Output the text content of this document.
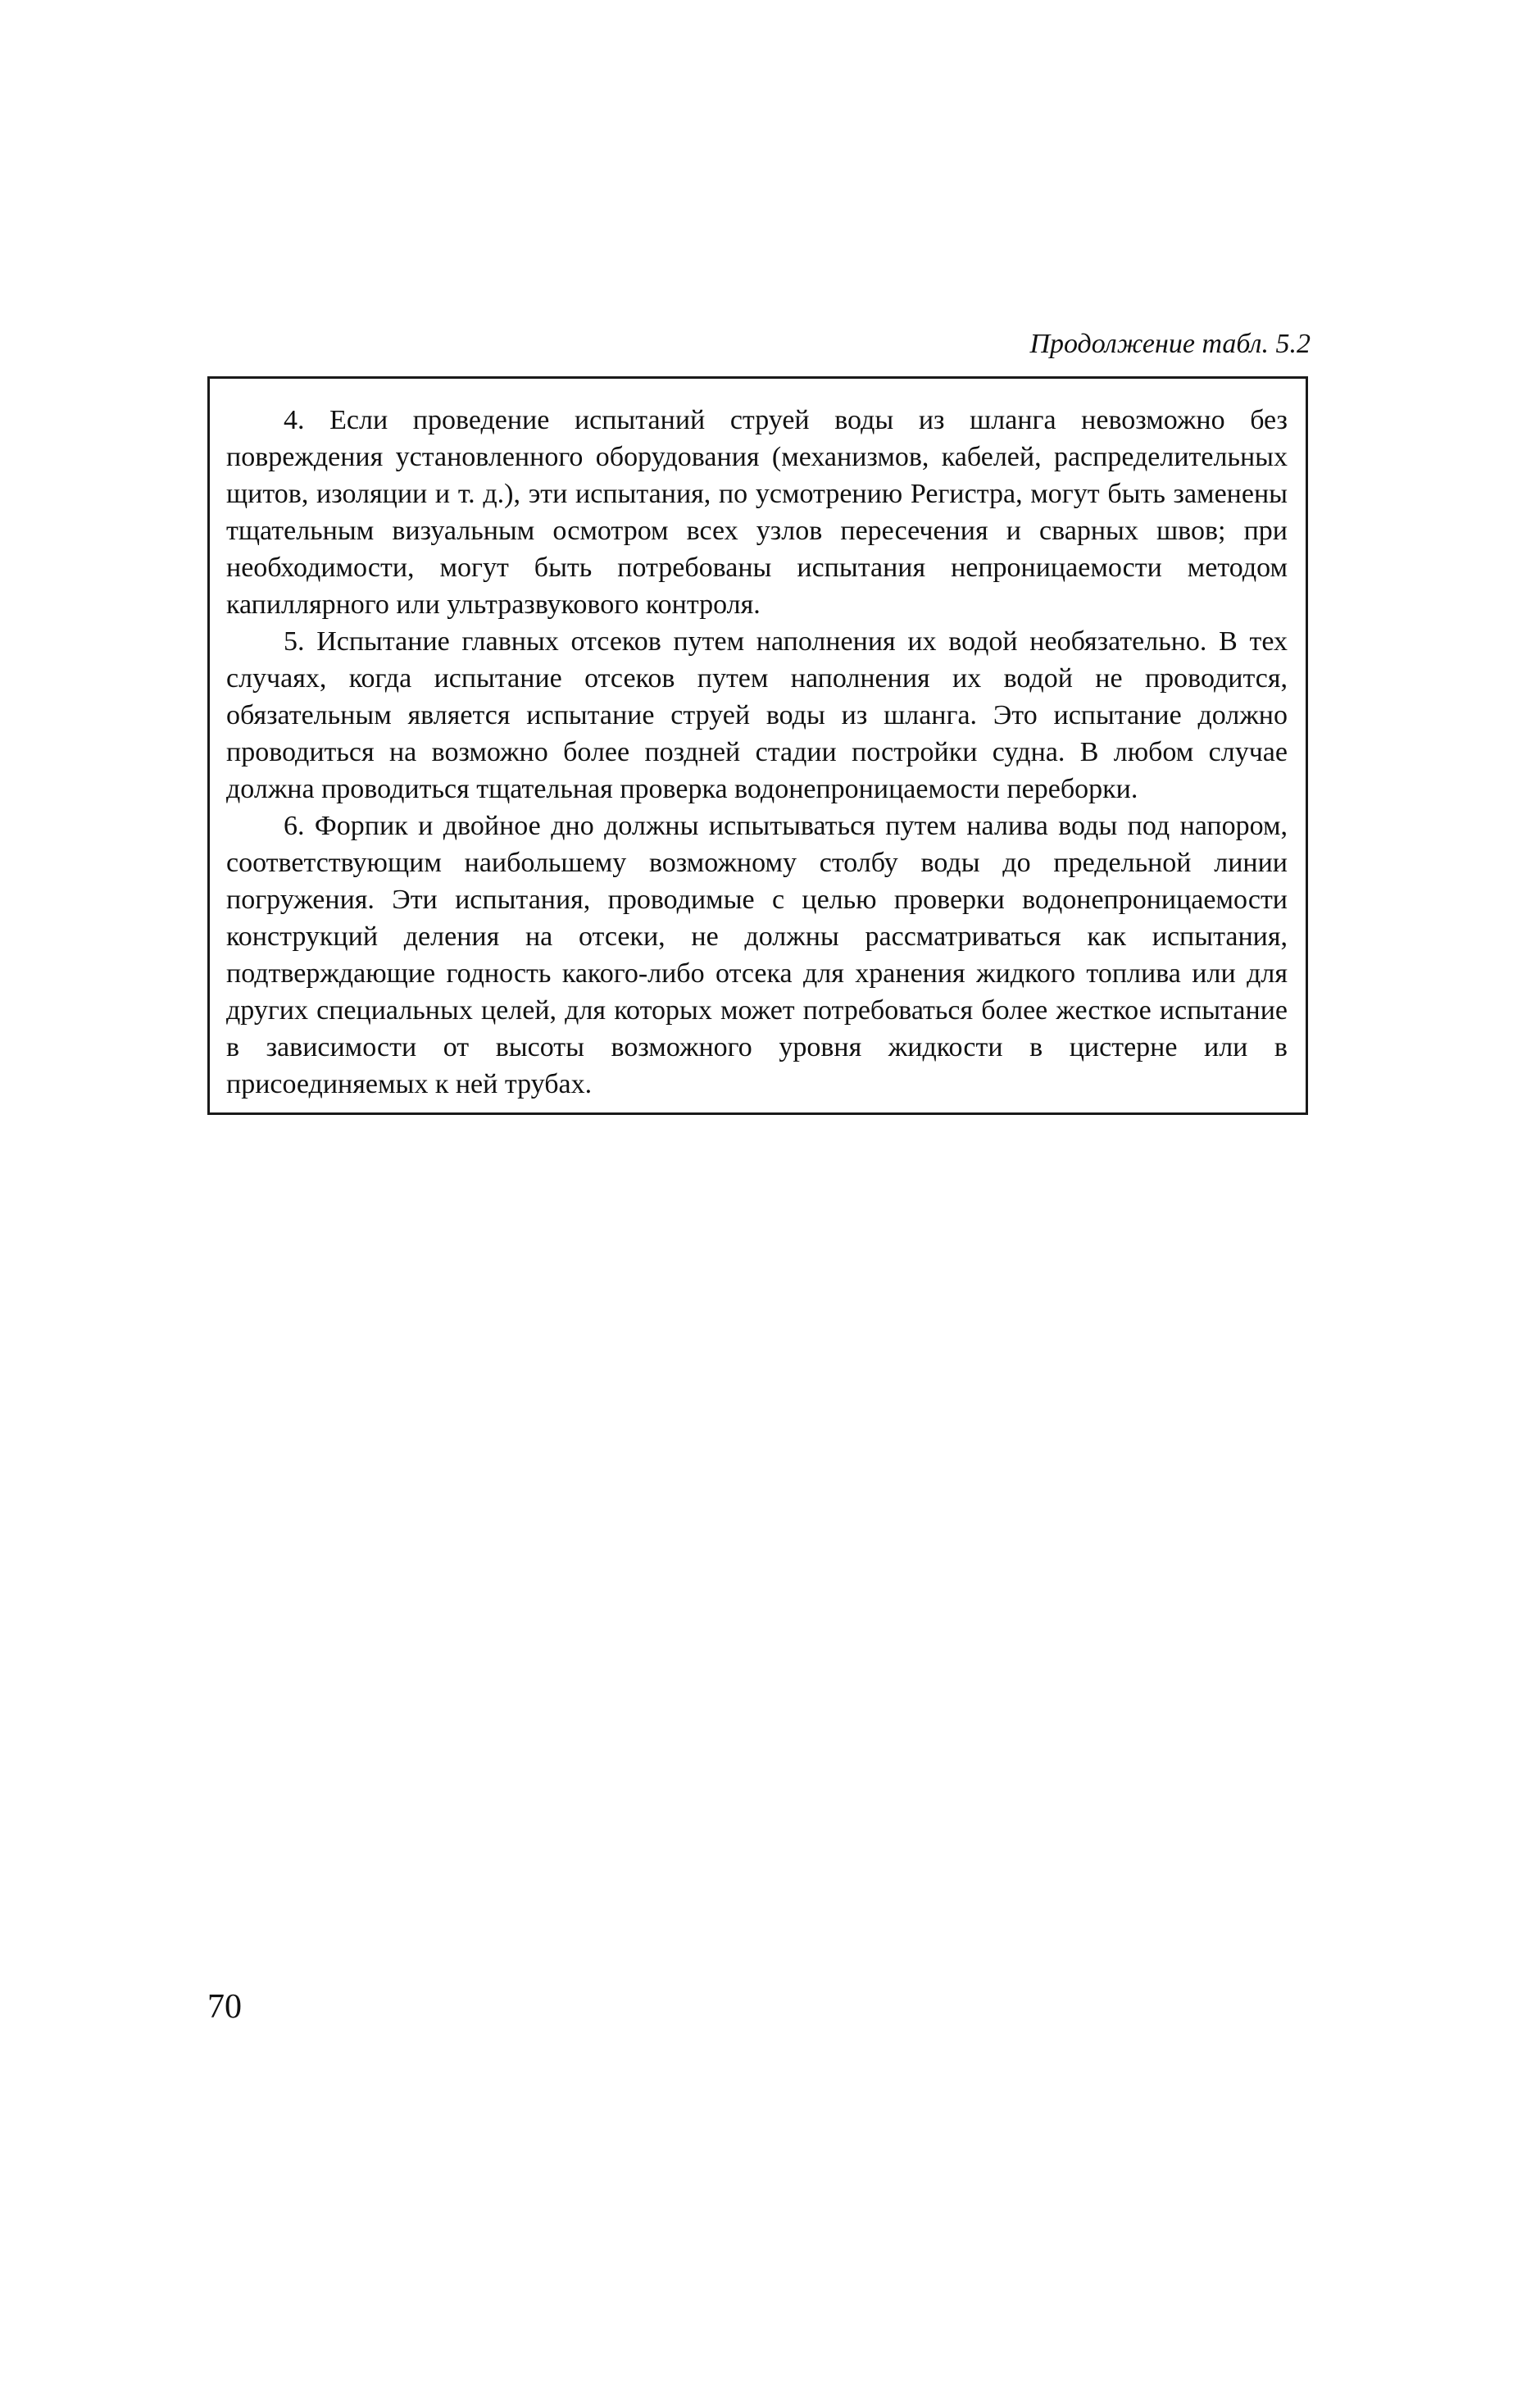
Продолжение табл. 5.2

4. Если проведение испытаний струей воды из шланга невозможно без повреждения установленного оборудования (механизмов, кабелей, распределительных щитов, изоляции и т. д.), эти испытания, по усмотрению Регистра, могут быть заменены тщательным визуальным осмотром всех узлов пересечения и сварных швов; при необходимости, могут быть потребованы испытания непроницаемости методом капиллярного или ультразвукового контроля.

5. Испытание главных отсеков путем наполнения их водой необязательно. В тех случаях, когда испытание отсеков путем наполнения их водой не проводится, обязательным является испытание струей воды из шланга. Это испытание должно проводиться на возможно более поздней стадии постройки судна. В любом случае должна проводиться тщательная проверка водонепроницаемости переборки.

6. Форпик и двойное дно должны испытываться путем налива воды под напором, соответствующим наибольшему возможному столбу воды до предельной линии погружения. Эти испытания, проводимые с целью проверки водонепроницаемости конструкций деления на отсеки, не должны рассматриваться как испытания, подтверждающие годность какого-либо отсека для хранения жидкого топлива или для других специальных целей, для которых может потребоваться более жесткое испытание в зависимости от высоты возможного уровня жидкости в цистерне или в присоединяемых к ней трубах.

70
